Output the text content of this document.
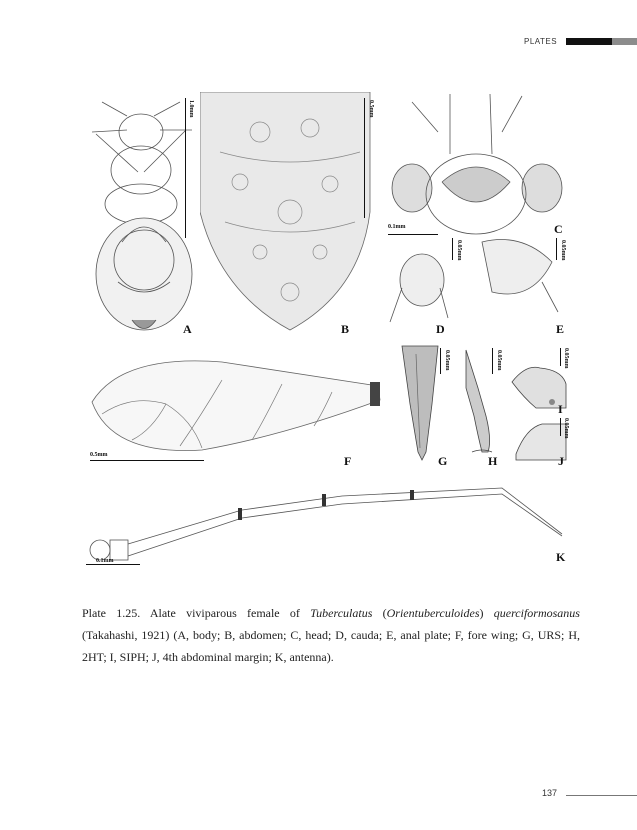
PLATES
1.0mm
A
0.5mm
B
0.1mm
0.05mm
C
0.05mm
D	E
0.5mm	F
0.05mm
G
0.05mm
H
0.05mm
I
0.05mm
J
0.1mm	K

Plate 1.25. Alate viviparous female of Tuberculatus (Orientuberculoides) querciformosanus (Takahashi, 1921) (A, body; B, abdomen; C, head; D, cauda; E, anal plate; F, fore wing; G, URS; H, 2HT; I, SIPH; J, 4th abdominal margin; K, antenna).

137
